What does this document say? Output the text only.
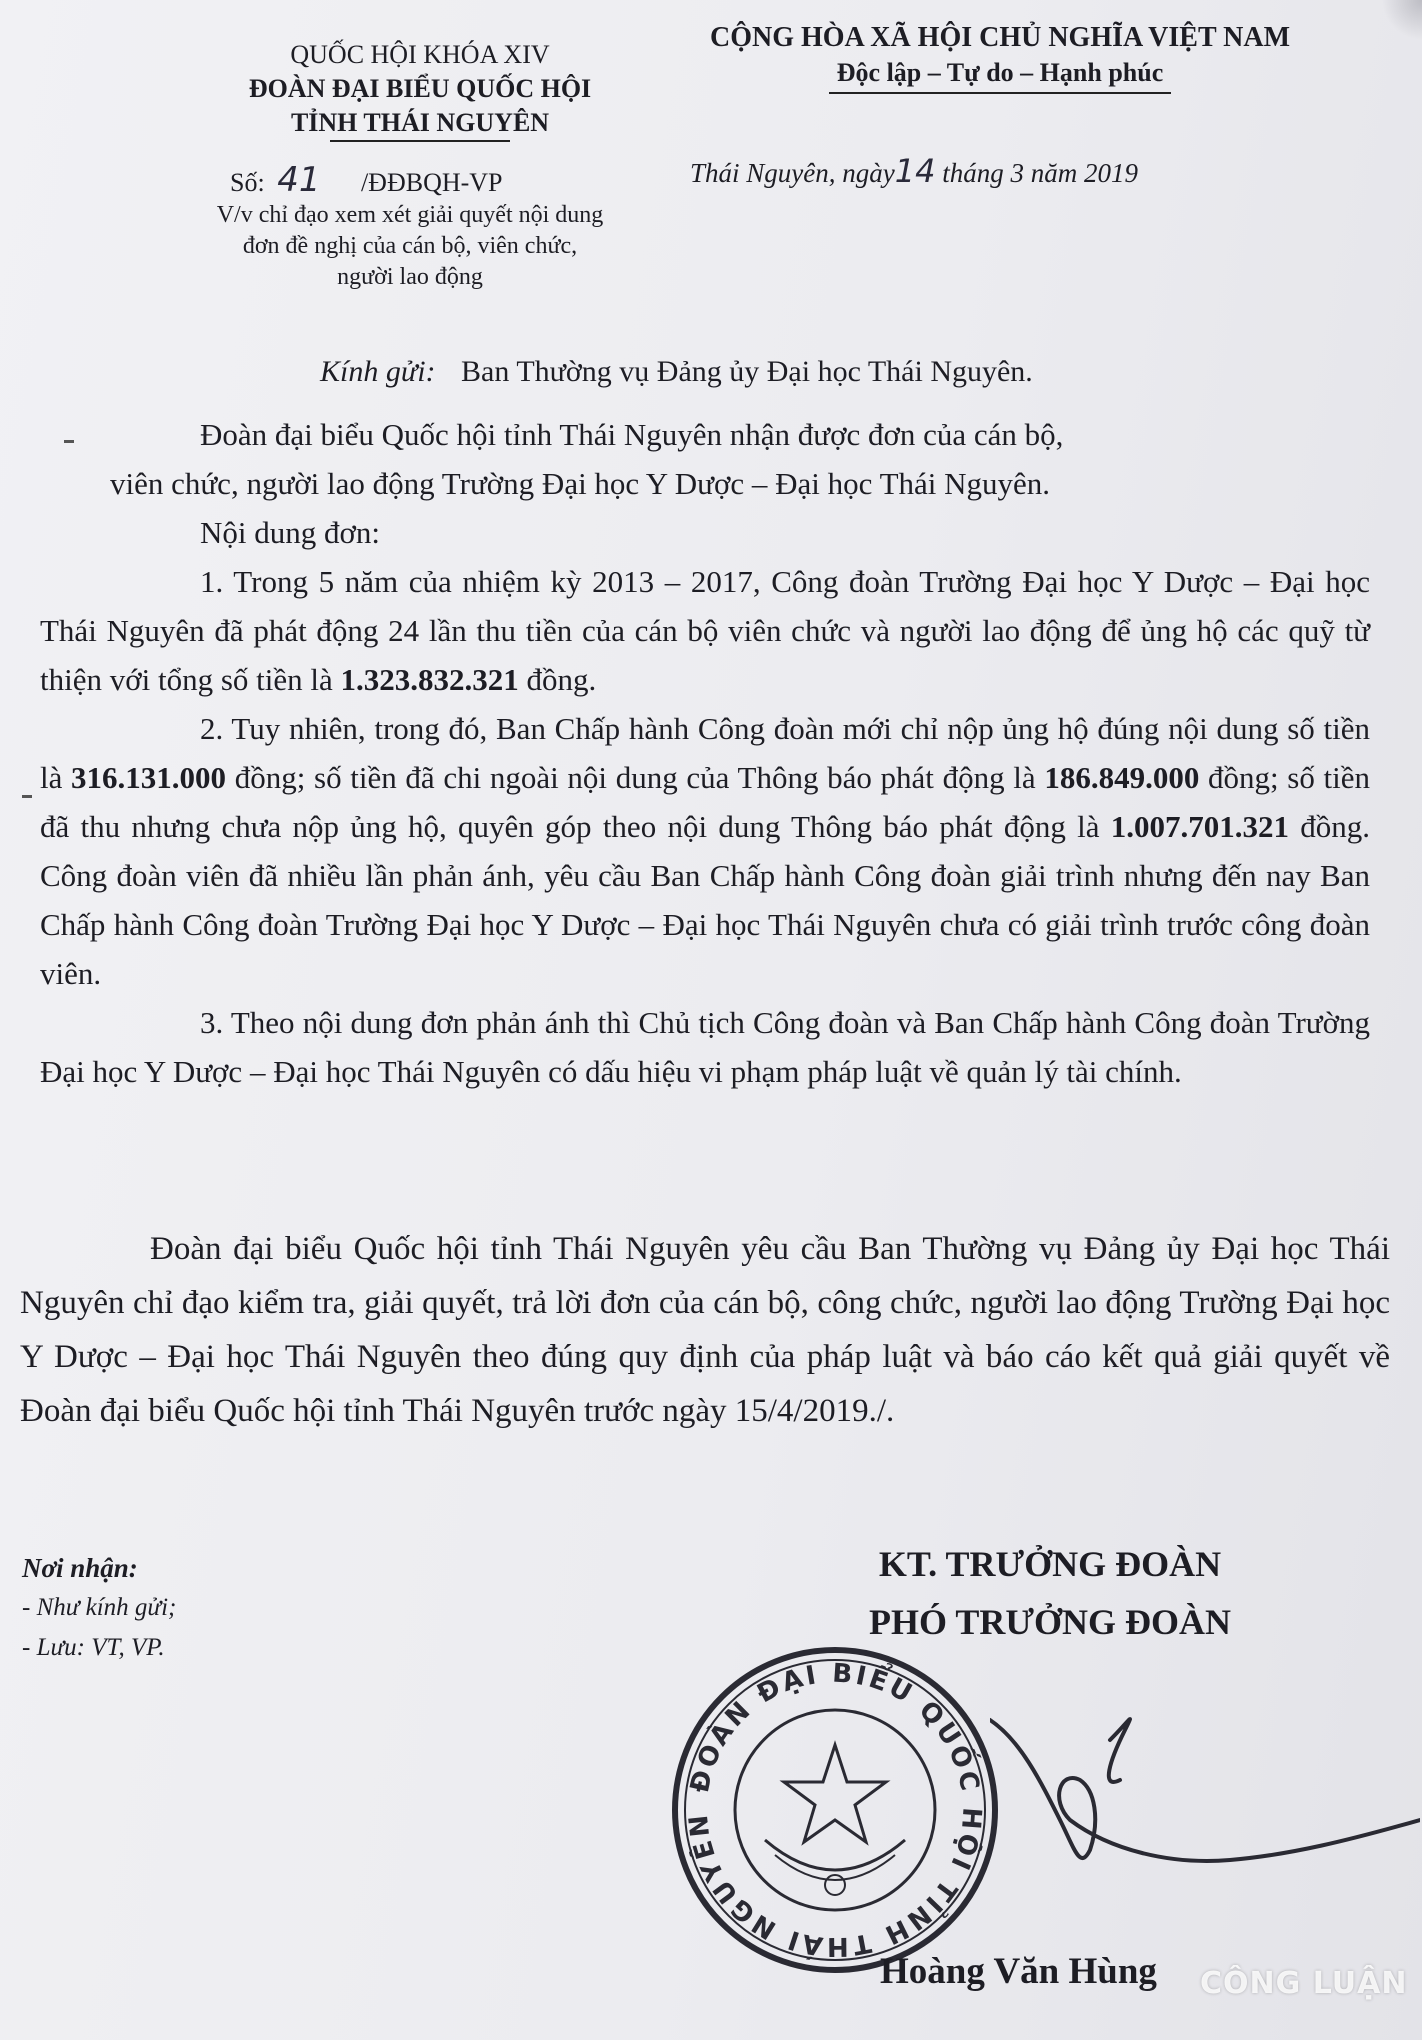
QUỐC HỘI KHÓA XIV
ĐOÀN ĐẠI BIỂU QUỐC HỘI
TỈNH THÁI NGUYÊN
CỘNG HÒA XÃ HỘI CHỦ NGHĨA VIỆT NAM
Độc lập – Tự do – Hạnh phúc
Số: 41 /ĐĐBQH-VP	Thái Nguyên, ngày14 tháng 3 năm 2019
V/v chỉ đạo xem xét giải quyết nội dung
đơn đề nghị của cán bộ, viên chức,
người lao động
Kính gửi: Ban Thường vụ Đảng ủy Đại học Thái Nguyên.

Đoàn đại biểu Quốc hội tỉnh Thái Nguyên nhận được đơn của cán bộ,

viên chức, người lao động Trường Đại học Y Dược – Đại học Thái Nguyên.

Nội dung đơn:

1. Trong 5 năm của nhiệm kỳ 2013 – 2017, Công đoàn Trường Đại học Y Dược – Đại học Thái Nguyên đã phát động 24 lần thu tiền của cán bộ viên chức và người lao động để ủng hộ các quỹ từ thiện với tổng số tiền là 1.323.832.321 đồng.

2. Tuy nhiên, trong đó, Ban Chấp hành Công đoàn mới chỉ nộp ủng hộ đúng nội dung số tiền là 316.131.000 đồng; số tiền đã chi ngoài nội dung của Thông báo phát động là 186.849.000 đồng; số tiền đã thu nhưng chưa nộp ủng hộ, quyên góp theo nội dung Thông báo phát động là 1.007.701.321 đồng. Công đoàn viên đã nhiều lần phản ánh, yêu cầu Ban Chấp hành Công đoàn giải trình nhưng đến nay Ban Chấp hành Công đoàn Trường Đại học Y Dược – Đại học Thái Nguyên chưa có giải trình trước công đoàn viên.

3. Theo nội dung đơn phản ánh thì Chủ tịch Công đoàn và Ban Chấp hành Công đoàn Trường Đại học Y Dược – Đại học Thái Nguyên có dấu hiệu vi phạm pháp luật về quản lý tài chính.

Đoàn đại biểu Quốc hội tỉnh Thái Nguyên yêu cầu Ban Thường vụ Đảng ủy Đại học Thái Nguyên chỉ đạo kiểm tra, giải quyết, trả lời đơn của cán bộ, công chức, người lao động Trường Đại học Y Dược – Đại học Thái Nguyên theo đúng quy định của pháp luật và báo cáo kết quả giải quyết về Đoàn đại biểu Quốc hội tỉnh Thái Nguyên trước ngày 15/4/2019./.

Nơi nhận:
- Như kính gửi;
- Lưu: VT, VP.
KT. TRƯỞNG ĐOÀN
PHÓ TRƯỞNG ĐOÀN
ĐOÀN ĐẠI BIỂU QUỐC HỘI TỈNH THÁI NGUYÊN
Hoàng Văn Hùng CÔNG LUẬN
